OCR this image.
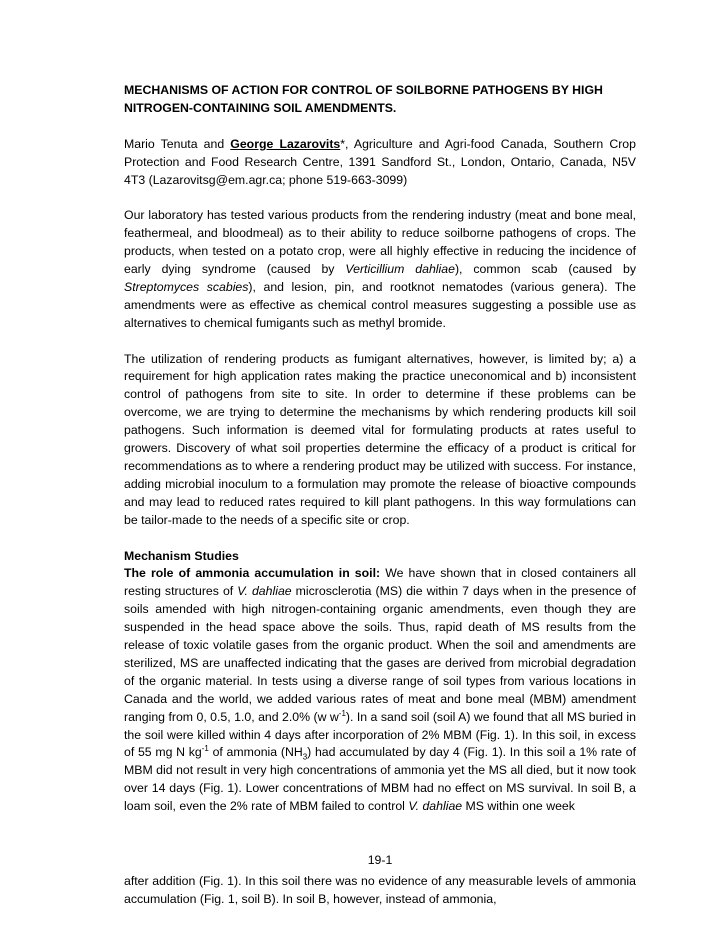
MECHANISMS OF ACTION FOR CONTROL OF SOILBORNE PATHOGENS BY HIGH NITROGEN-CONTAINING SOIL AMENDMENTS.

Mario Tenuta and George Lazarovits*, Agriculture and Agri-food Canada, Southern Crop Protection and Food Research Centre, 1391 Sandford St., London, Ontario, Canada, N5V 4T3 (Lazarovitsg@em.agr.ca; phone 519-663-3099)

Our laboratory has tested various products from the rendering industry (meat and bone meal, feathermeal, and bloodmeal) as to their ability to reduce soilborne pathogens of crops. The products, when tested on a potato crop, were all highly effective in reducing the incidence of early dying syndrome (caused by Verticillium dahliae), common scab (caused by Streptomyces scabies), and lesion, pin, and rootknot nematodes (various genera). The amendments were as effective as chemical control measures suggesting a possible use as alternatives to chemical fumigants such as methyl bromide.

The utilization of rendering products as fumigant alternatives, however, is limited by; a) a requirement for high application rates making the practice uneconomical and b) inconsistent control of pathogens from site to site. In order to determine if these problems can be overcome, we are trying to determine the mechanisms by which rendering products kill soil pathogens. Such information is deemed vital for formulating products at rates useful to growers. Discovery of what soil properties determine the efficacy of a product is critical for recommendations as to where a rendering product may be utilized with success. For instance, adding microbial inoculum to a formulation may promote the release of bioactive compounds and may lead to reduced rates required to kill plant pathogens. In this way formulations can be tailor-made to the needs of a specific site or crop.

Mechanism Studies

The role of ammonia accumulation in soil: We have shown that in closed containers all resting structures of V. dahliae microsclerotia (MS) die within 7 days when in the presence of soils amended with high nitrogen-containing organic amendments, even though they are suspended in the head space above the soils. Thus, rapid death of MS results from the release of toxic volatile gases from the organic product. When the soil and amendments are sterilized, MS are unaffected indicating that the gases are derived from microbial degradation of the organic material. In tests using a diverse range of soil types from various locations in Canada and the world, we added various rates of meat and bone meal (MBM) amendment ranging from 0, 0.5, 1.0, and 2.0% (w $w^{-1}$). In a sand soil (soil A) we found that all MS buried in the soil were killed within 4 days after incorporation of 2% MBM (Fig. 1). In this soil, in excess of 55 mg N $kg^{-1}$ of ammonia $(NH_3)$ had accumulated by day 4 (Fig. 1). In this soil a 1% rate of MBM did not result in very high concentrations of ammonia yet the MS all died, but it now took over 14 days (Fig. 1). Lower concentrations of MBM had no effect on MS survival. In soil B, a loam soil, even the 2% rate of MBM failed to control V. dahliae MS within one week

19-1
after addition (Fig. 1). In this soil there was no evidence of any measurable levels of ammonia accumulation (Fig. 1, soil B). In soil B, however, instead of ammonia,
